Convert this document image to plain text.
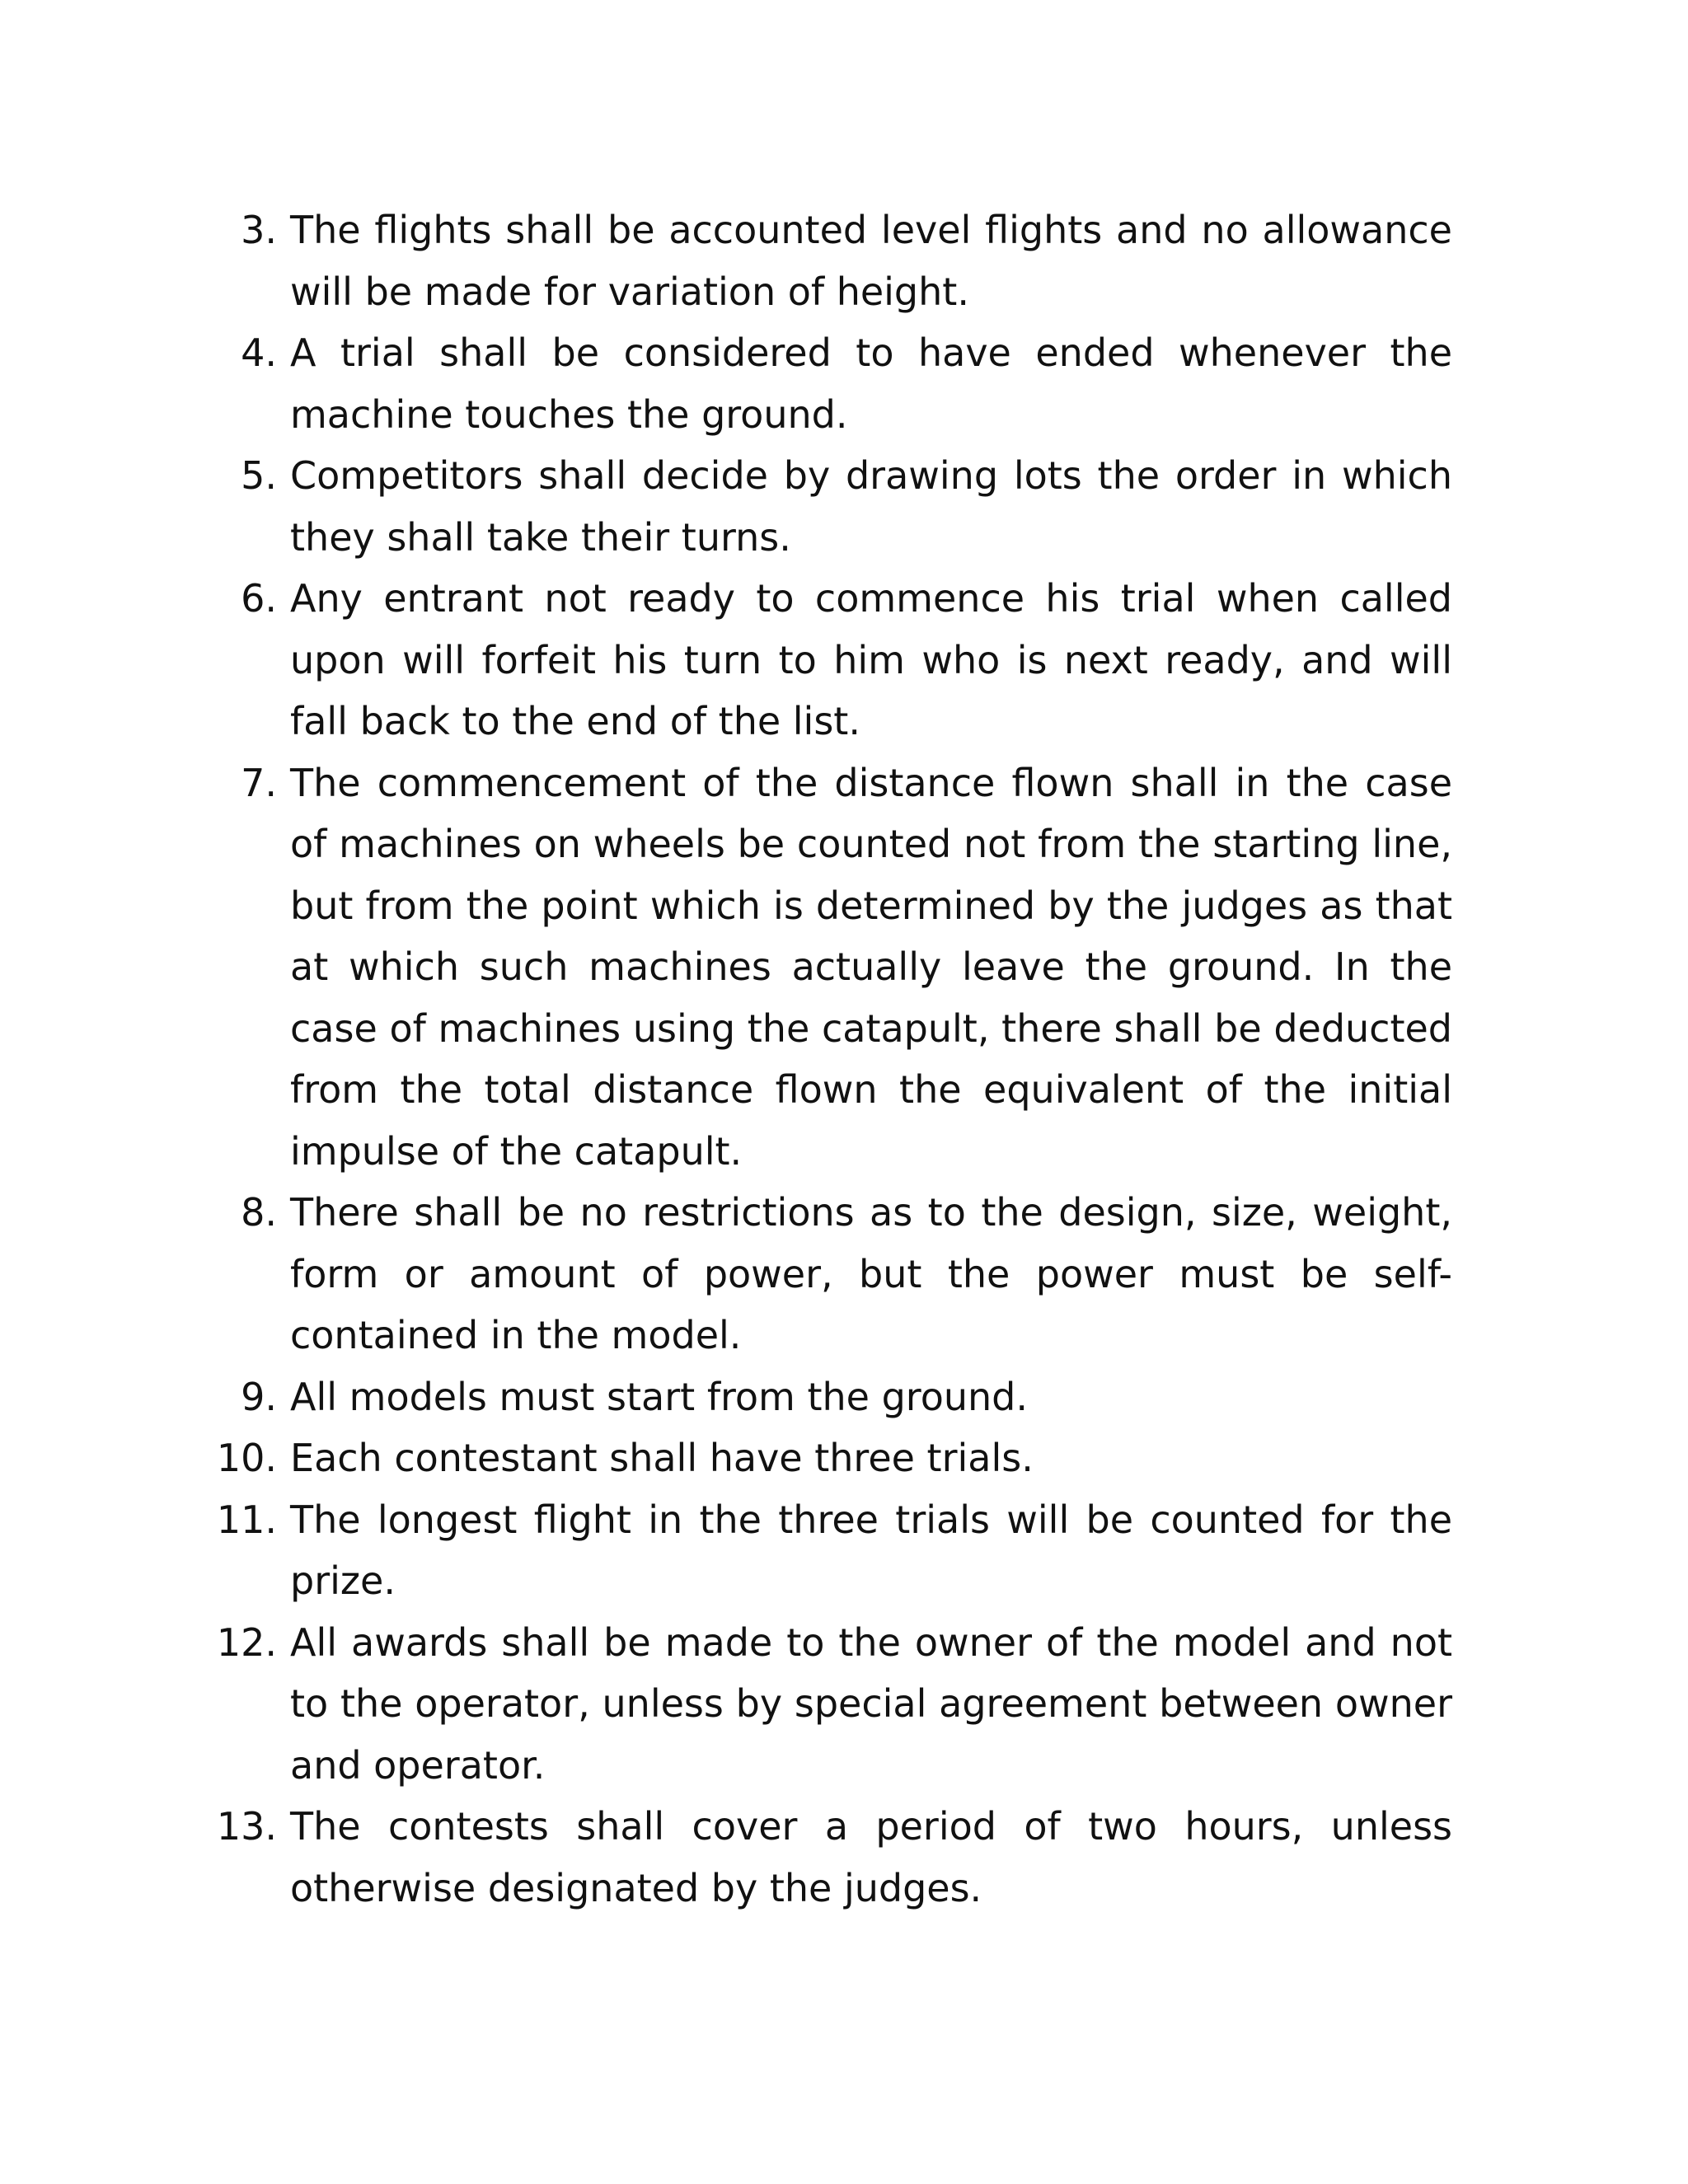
3. The flights shall be accounted level flights and no allowance will be made for variation of height.
4. A trial shall be considered to have ended whenever the machine touches the ground.
5. Competitors shall decide by drawing lots the order in which they shall take their turns.
6. Any entrant not ready to commence his trial when called upon will forfeit his turn to him who is next ready, and will fall back to the end of the list.
7. The commencement of the distance flown shall in the case of machines on wheels be counted not from the starting line, but from the point which is determined by the judges as that at which such machines actually leave the ground. In the case of machines using the catapult, there shall be deducted from the total distance flown the equivalent of the initial impulse of the catapult.
8. There shall be no restrictions as to the design, size, weight, form or amount of power, but the power must be self-contained in the model.
9. All models must start from the ground.
10. Each contestant shall have three trials.
11. The longest flight in the three trials will be counted for the prize.
12. All awards shall be made to the owner of the model and not to the operator, unless by special agreement between owner and operator.
13. The contests shall cover a period of two hours, unless otherwise designated by the judges.
